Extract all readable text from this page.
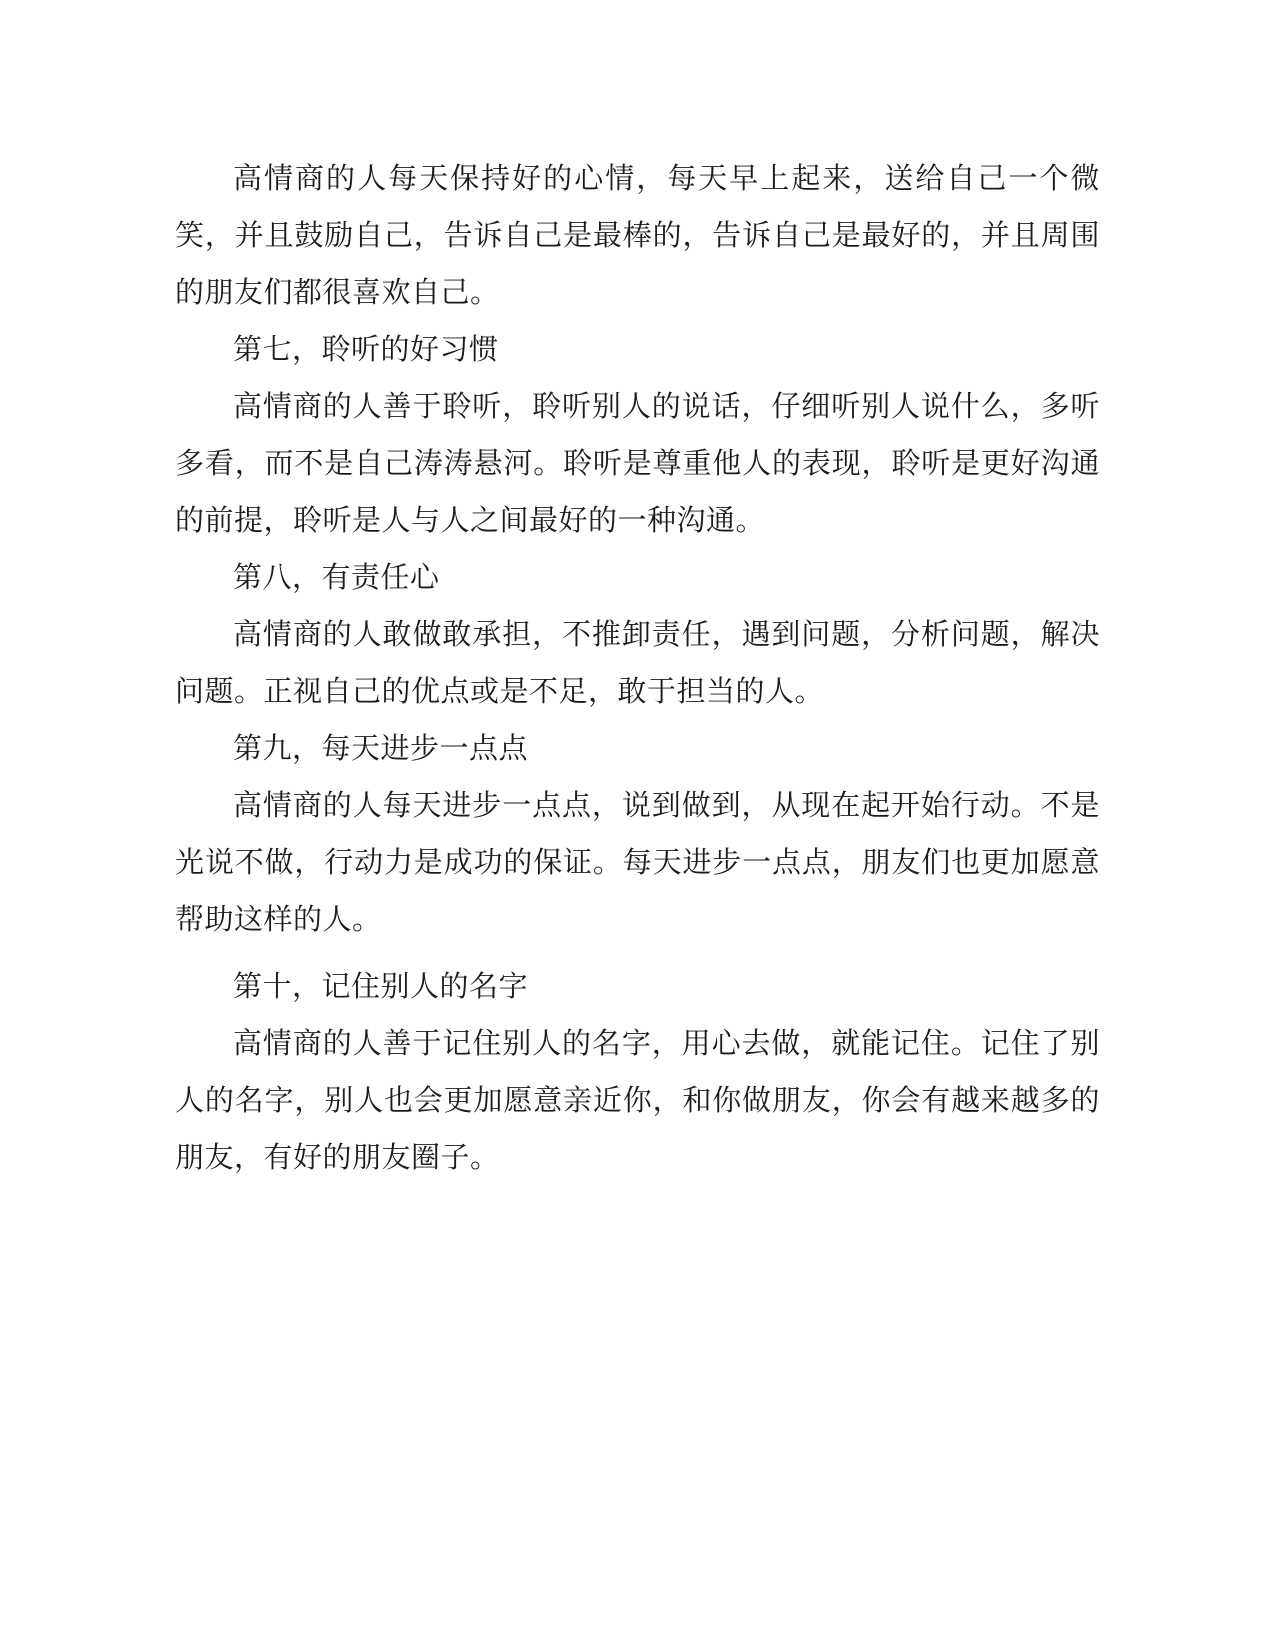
高情商的人每天保持好的心情，每天早上起来，送给自己一个微笑，并且鼓励自己，告诉自己是最棒的，告诉自己是最好的，并且周围的朋友们都很喜欢自己。

第七，聆听的好习惯

高情商的人善于聆听，聆听别人的说话，仔细听别人说什么，多听多看，而不是自己涛涛悬河。聆听是尊重他人的表现，聆听是更好沟通的前提，聆听是人与人之间最好的一种沟通。

第八，有责任心

高情商的人敢做敢承担，不推卸责任，遇到问题，分析问题，解决问题。正视自己的优点或是不足，敢于担当的人。

第九，每天进步一点点

高情商的人每天进步一点点，说到做到，从现在起开始行动。不是光说不做，行动力是成功的保证。每天进步一点点，朋友们也更加愿意帮助这样的人。

第十，记住别人的名字

高情商的人善于记住别人的名字，用心去做，就能记住。记住了别人的名字，别人也会更加愿意亲近你，和你做朋友，你会有越来越多的朋友，有好的朋友圈子。
